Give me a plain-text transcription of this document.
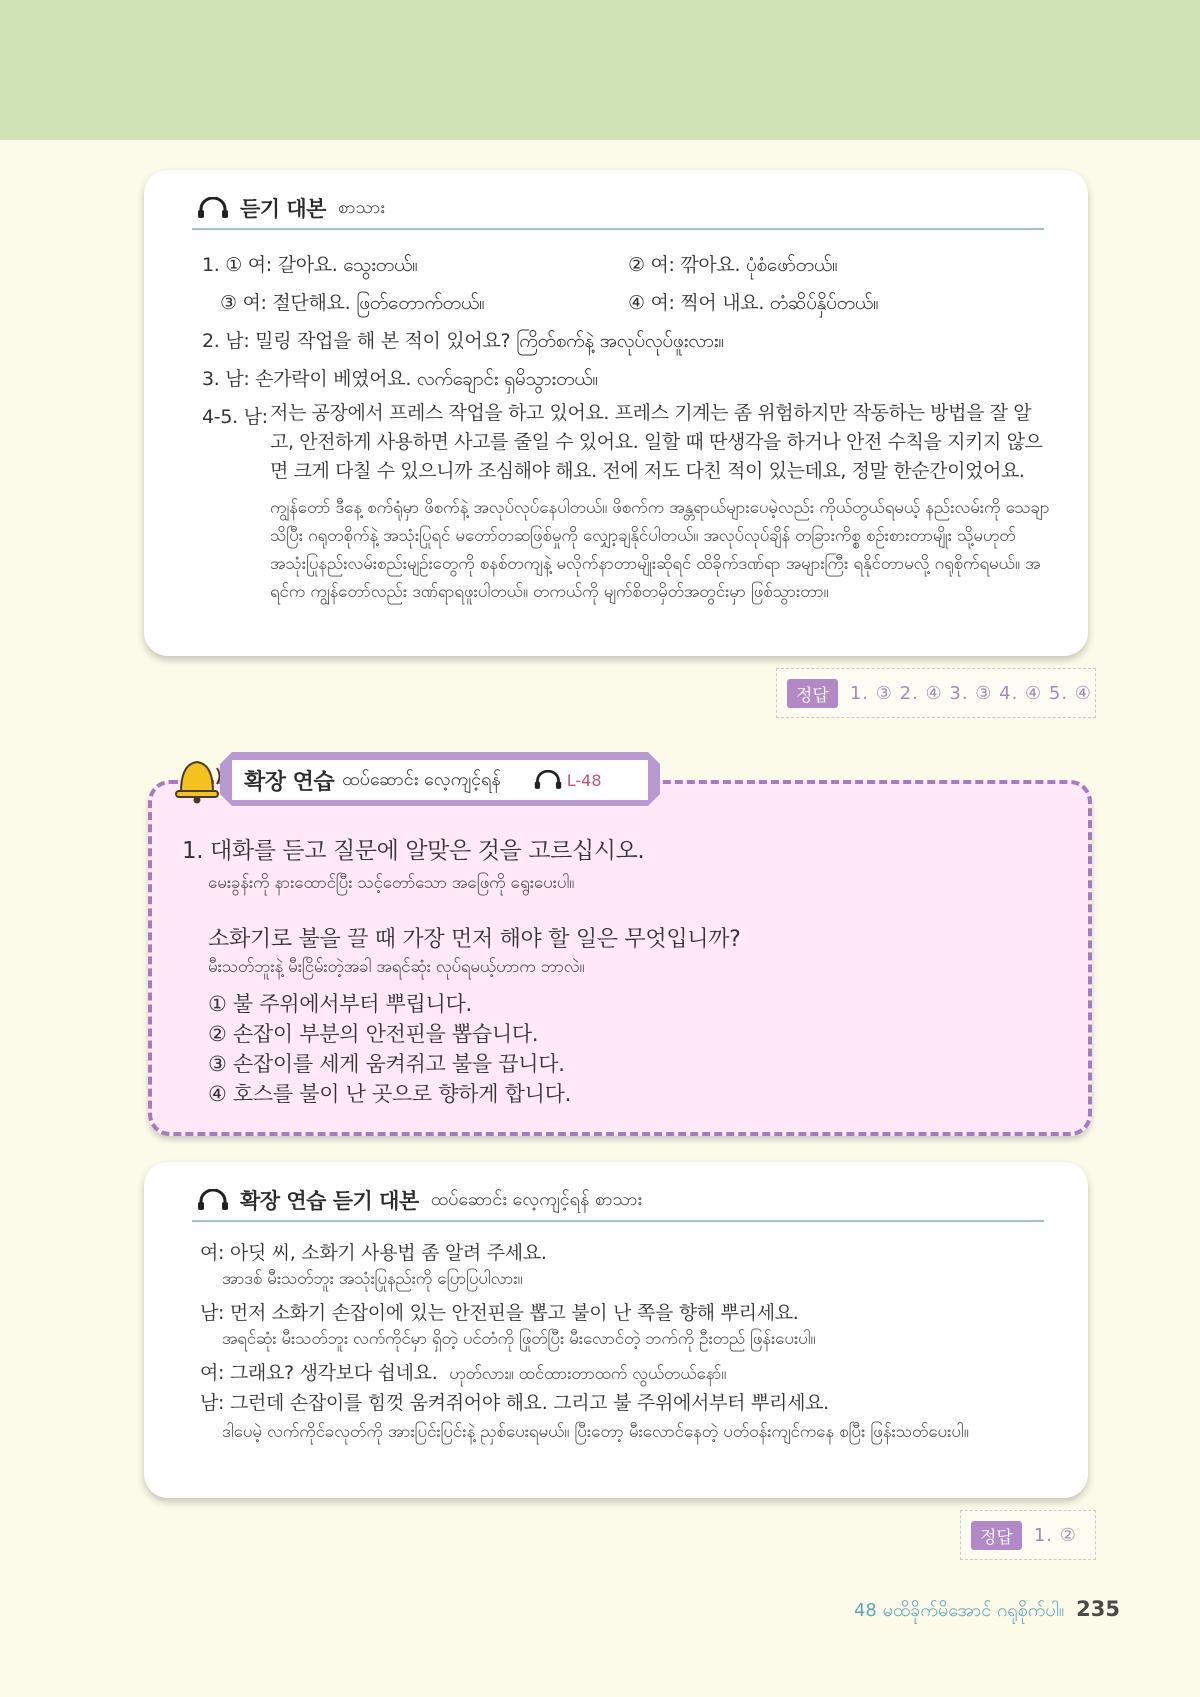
듣기 대본 စာသား
1. ① 여: 갈아요. သွေးတယ်။	② 여: 깎아요. ပုံစံဖော်တယ်။
③ 여: 절단해요. ဖြတ်တောက်တယ်။	④ 여: 찍어 내요. တံဆိပ်နှိပ်တယ်။
2. 남: 밀링 작업을 해 본 적이 있어요? ကြိတ်စက်နဲ့ အလုပ်လုပ်ဖူးလား။
3. 남: 손가락이 베였어요. လက်ချောင်း ရှမိသွားတယ်။
4-5. 남: 저는 공장에서 프레스 작업을 하고 있어요. 프레스 기계는 좀 위험하지만 작동하는 방법을 잘 알고, 안전하게 사용하면 사고를 줄일 수 있어요. 일할 때 딴생각을 하거나 안전 수칙을 지키지 않으면 크게 다칠 수 있으니까 조심해야 해요. 전에 저도 다친 적이 있는데요, 정말 한순간이었어요.
ကျွန်တော် ဒီနေ့ စက်ရုံမှာ ဖိစက်နဲ့ အလုပ်လုပ်နေပါတယ်။ ဖိစက်က အန္တရာယ်များပေမဲ့လည်း ကိုယ်တွယ်ရမယ့် နည်းလမ်းကို သေချာ သိပြီး ဂရုတစိုက်နဲ့ အသုံးပြုရင် မတော်တဆဖြစ်မှုကို လျှော့ချနိုင်ပါတယ်။ အလုပ်လုပ်ချိန် တခြားကိစ္စ စဉ်းစားတာမျိုး သို့မဟုတ် အသုံးပြုနည်းလမ်းစည်းမျဉ်းတွေကို စနစ်တကျနဲ့ မလိုက်နာတာမျိုးဆိုရင် ထိခိုက်ဒဏ်ရာ အများကြီး ရနိုင်တာမလို့ ဂရုစိုက်ရမယ်။ အရင်က ကျွန်တော်လည်း ဒဏ်ရာရဖူးပါတယ်။ တကယ်ကို မျက်စိတမှိတ်အတွင်းမှာ ဖြစ်သွားတာ။
정답	1. ③ 2. ④ 3. ③ 4. ④ 5. ④
1. 대화를 듣고 질문에 알맞은 것을 고르십시오.
မေးခွန်းကို နားထောင်ပြီး သင့်တော်သော အဖြေကို ရွေးပေးပါ။
소화기로 불을 끌 때 가장 먼저 해야 할 일은 무엇입니까?
မီးသတ်ဘူးနဲ့ မီးငြိမ်းတဲ့အခါ အရင်ဆုံး လုပ်ရမယ့်ဟာက ဘာလဲ။
① 불 주위에서부터 뿌립니다.
② 손잡이 부분의 안전핀을 뽑습니다.
③ 손잡이를 세게 움켜쥐고 불을 끕니다.
④ 호스를 불이 난 곳으로 향하게 합니다.
확장 연습 ထပ်ဆောင်း လေ့ကျင့်ရန်	L-48
확장 연습 듣기 대본 ထပ်ဆောင်း လေ့ကျင့်ရန် စာသား
여: 아딧 씨, 소화기 사용법 좀 알려 주세요.
အာဒစ် မီးသတ်ဘူး အသုံးပြုနည်းကို ပြောပြပါလား။
남: 먼저 소화기 손잡이에 있는 안전핀을 뽑고 불이 난 쪽을 향해 뿌리세요.
အရင်ဆုံး မီးသတ်ဘူး လက်ကိုင်မှာ ရှိတဲ့ ပင်တံကို ဖြုတ်ပြီး မီးလောင်တဲ့ ဘက်ကို ဦးတည် ဖြန်းပေးပါ။
여: 그래요? 생각보다 쉽네요. ဟုတ်လား။ ထင်ထားတာထက် လွယ်တယ်နော်။
남: 그런데 손잡이를 힘껏 움켜쥐어야 해요. 그리고 불 주위에서부터 뿌리세요.
ဒါပေမဲ့ လက်ကိုင်ခလုတ်ကို အားပြင်းပြင်းနဲ့ ညှစ်ပေးရမယ်။ ပြီးတော့ မီးလောင်နေတဲ့ ပတ်ဝန်းကျင်ကနေ စပြီး ဖြန်းသတ်ပေးပါ။
정답	1. ②
48 မထိခိုက်မိအောင် ဂရုစိုက်ပါ။ 235
